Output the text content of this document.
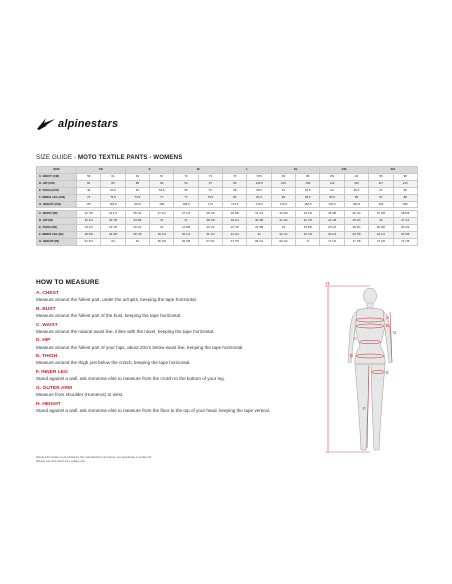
alpinestars
SIZE GUIDE - MOTO TEXTILE PANTS - WOMENS
SIZE	XS		S		M		L		XL		XXL		3XL	
C. WAIST (CM)	58	61	64	67	70	73	76	79.5	83	86	89	92	95	98	
D. HIP (CM)	82	86	88	92	94	97	99	102.5	106	109	112	115	117	120	
E. THIGH (CM)	49	50.5	52	53.5	55	57	58	59.5	61	62.5	64	65.5	67	68	
F. INNER LEG (CM)	72	74.5	73.5	77	77	79.5	80	81.5	82	83.5	84.5	86	87	88	
H. HEIGHT (CM)	157	162.5	162.5	168	168.5	172	172.5	176.5	176.5	180.5	181.5	182.5	183	185	

C. WAIST (IN)	22 7/8	23 1/4	25 1/4	27 1/2	27 1/2	28 1/8	29 5/8	31 1/4	32 5/8	33 7/8	34 5/8	36 1/4	37 3/8	38 5/8	
D. HIP (IN)	32 1/4	33 7/8	34 5/8	37	37	38 1/8	39 1/4	40 3/8	41 3/4	42 7/8	44 1/8	45 1/4	46	47 1/4	
E. THIGH (IN)	19 1/4	19 7/8	20 1/2	21	21 5/8	22 1/2	22 7/8	23 3/8	24	24 5/8	25 1/4	25 3/4	26 3/8	26 3/4	
F. INNER LEG (IN)	28 3/8	29 3/8	28 7/8	30 1/4	30 1/4	31 1/4	31 1/2	32	32 1/4	32 7/8	33 1/4	33 7/8	34 1/4	34 5/8	
H. HEIGHT (IN)	61 3/4	64	64	66 1/8	66 3/8	67 3/4	67 7/8	69 1/2	69 1/2	71	71 1/2	71 7/8	72 1/8	72 7/8	
HOW TO MEASURE
A. CHEST
Measure around the fullest part, under the armpits, keeping the tape horizontal.
B. BUST
Measure around the fullest part of the bust, keeping the tape horizontal.
C. WAIST
Measure around the natural waist line, inline with the navel, keeping the tape horizontal.
D. HIP
Measure around the fullest part of your hips, about 20cm below waist line, keeping the tape horizontal.
E. THIGH
Measure around the thigh just below the crotch, keeping the tape horizontal.
F. INNER LEG
Stand against a wall, ask someone else to measure from the crotch to the bottom of your leg.
G. OUTER ARM
Measure from shoulder (Humerus) to wrist.
H. HEIGHT
Stand against a wall, ask someone else to measure from the floor to the top of your head, keeping the tape vertical.
H
A
B
G
C
D
E
F
Sizing information is provided by the manufacturer and does not guarantee a perfect fit.
Please use this chart as a guide only.
